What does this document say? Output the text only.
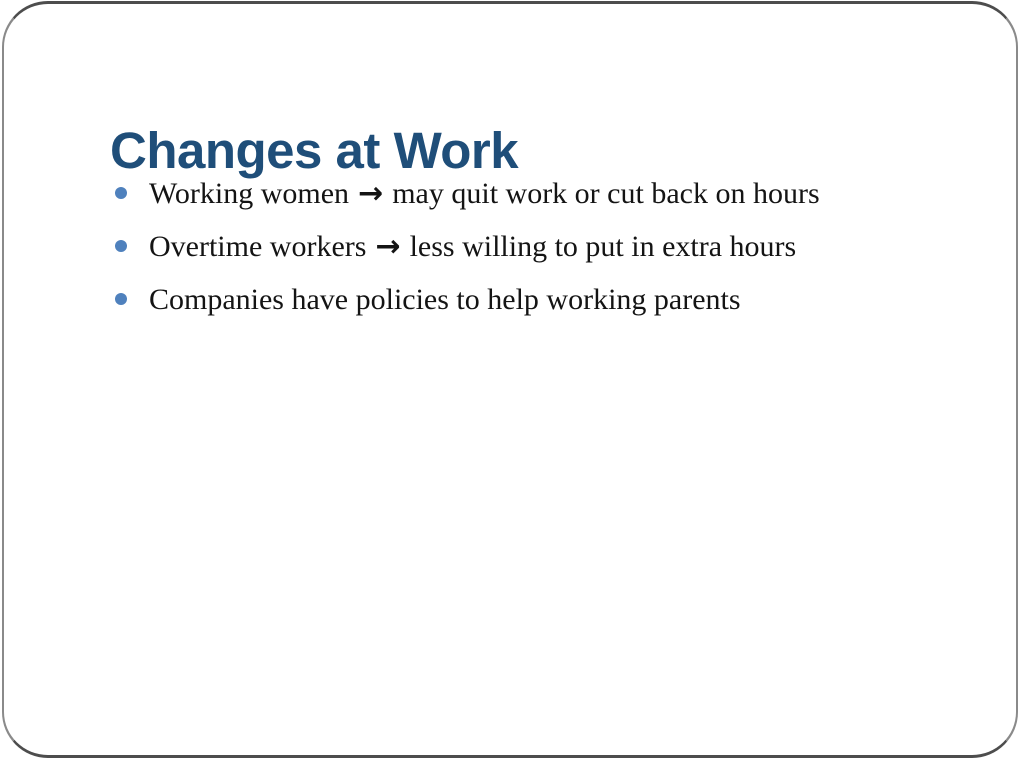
Changes at Work
Working women → may quit work or cut back on hours
Overtime workers → less willing to put in extra hours
Companies have policies to help working parents
